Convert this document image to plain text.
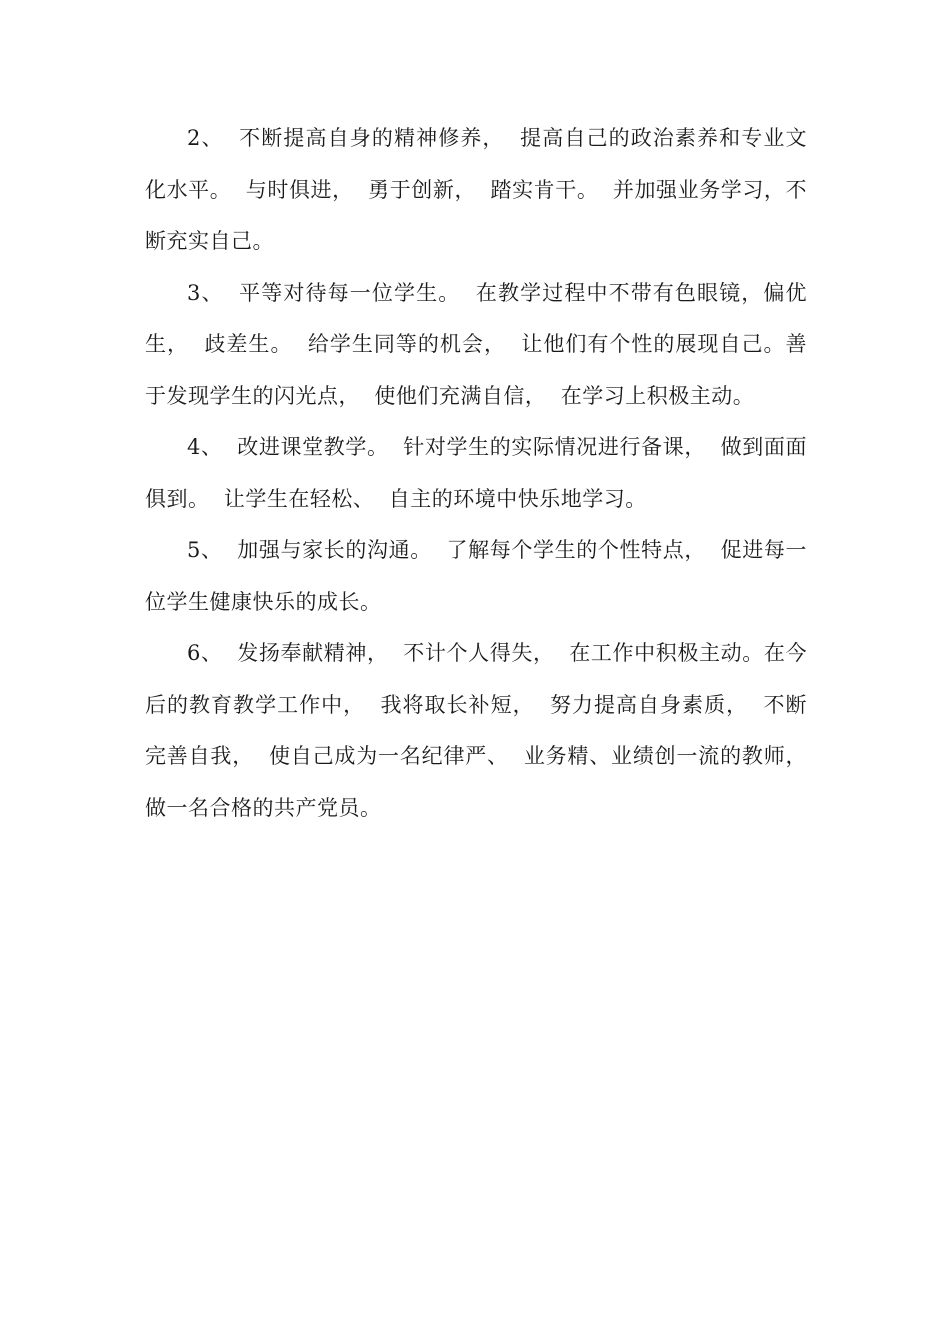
2、  不断提高自身的精神修养，  提高自己的政治素养和专业文化水平。  与时俱进，  勇于创新，  踏实肯干。  并加强业务学习，不断充实自己。

3、  平等对待每一位学生。  在教学过程中不带有色眼镜，偏优生，  歧差生。  给学生同等的机会，  让他们有个性的展现自己。善于发现学生的闪光点，  使他们充满自信，  在学习上积极主动。

4、  改进课堂教学。  针对学生的实际情况进行备课，  做到面面俱到。  让学生在轻松、  自主的环境中快乐地学习。

5、  加强与家长的沟通。  了解每个学生的个性特点，  促进每一位学生健康快乐的成长。

6、  发扬奉献精神，  不计个人得失，  在工作中积极主动。在今后的教育教学工作中，  我将取长补短，  努力提高自身素质，  不断完善自我，  使自己成为一名纪律严、  业务精、业绩创一流的教师，  做一名合格的共产党员。
